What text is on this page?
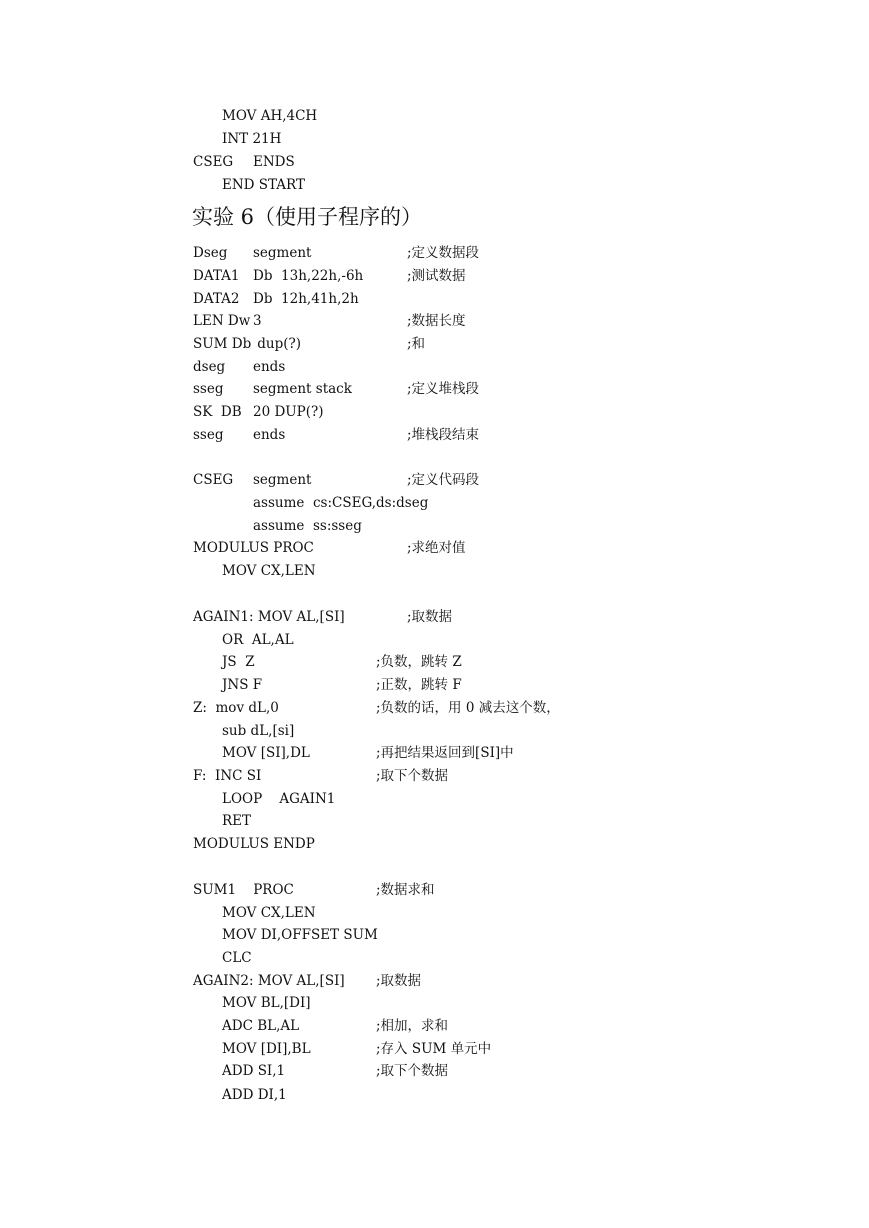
MOV AH,4CH
INT 21H
CSEG ENDS
END START
实验 6（使用子程序的）
Dseg segment	;定义数据段
DATA1 Db  13h,22h,-6h	;测试数据
DATA2 Db  12h,41h,2h
LEN Dw 3	;数据长度
SUM Db dup(?)	;和
dseg ends
sseg segment stack	;定义堆栈段
SK  DB 20 DUP(?)
sseg ends	;堆栈段结束
CSEG segment	;定义代码段
assume  cs:CSEG,ds:dseg
assume  ss:sseg
MODULUS PROC	;求绝对值
MOV CX,LEN
AGAIN1: MOV AL,[SI]	;取数据
OR  AL,AL
JS  Z	;负数，跳转 Z
JNS F	;正数，跳转 F
Z:  mov dL,0	;负数的话，用 0 减去这个数，
sub dL,[si]
MOV [SI],DL	;再把结果返回到[SI]中
F:  INC SI	;取下个数据
LOOP    AGAIN1
RET
MODULUS ENDP
SUM1    PROC	;数据求和
MOV CX,LEN
MOV DI,OFFSET SUM
CLC
AGAIN2: MOV AL,[SI] ;取数据
MOV BL,[DI]
ADC BL,AL	;相加，求和
MOV [DI],BL	;存入 SUM 单元中
ADD SI,1	;取下个数据
ADD DI,1
